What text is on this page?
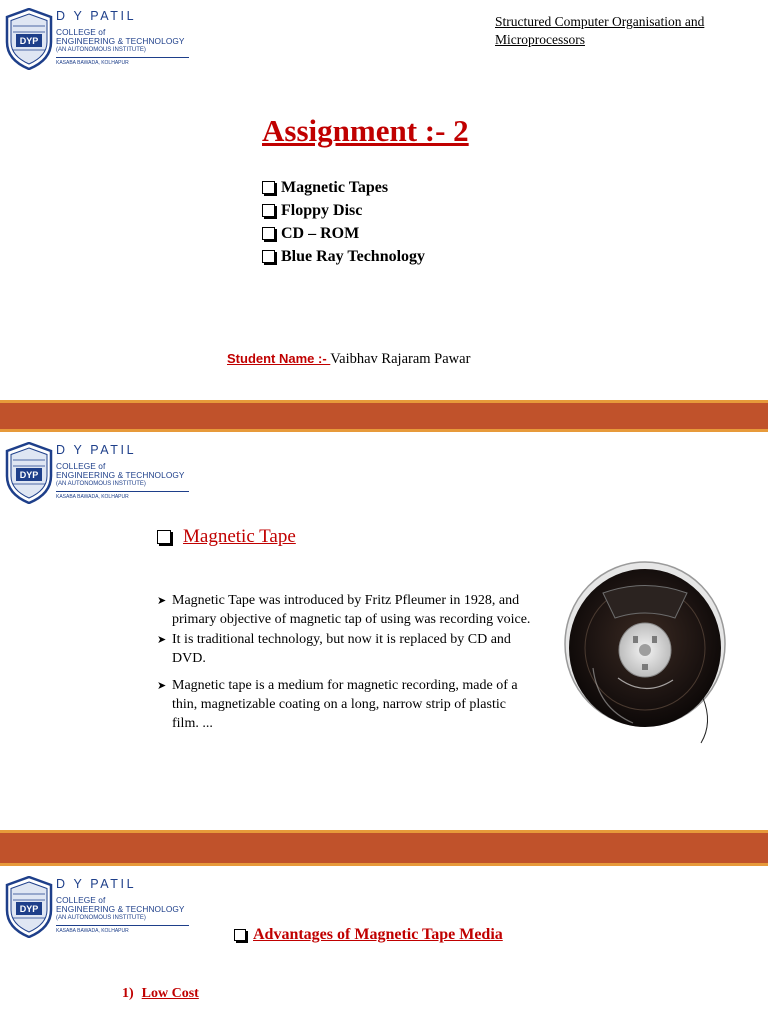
DYP
D Y PATIL
COLLEGE of
ENGINEERING & TECHNOLOGY
(AN AUTONOMOUS INSTITUTE)
KASABA BAWADA, KOLHAPUR
Structured Computer Organisation and
Microprocessors
Assignment :- 2
Magnetic Tapes
Floppy Disc
CD – ROM
Blue Ray Technology
Student Name :- Vaibhav Rajaram Pawar
DYP
D Y PATIL
COLLEGE of
ENGINEERING & TECHNOLOGY
(AN AUTONOMOUS INSTITUTE)
KASABA BAWADA, KOLHAPUR
Magnetic Tape
➤ Magnetic Tape was introduced by Fritz Pfleumer in 1928, and primary objective of magnetic tap of using was recording voice.
➤ It is traditional technology, but now it is replaced by CD and DVD.
➤ Magnetic tape is a medium for magnetic recording, made of a thin, magnetizable coating on a long, narrow strip of plastic film. ...
DYP
D Y PATIL
COLLEGE of
ENGINEERING & TECHNOLOGY
(AN AUTONOMOUS INSTITUTE)
KASABA BAWADA, KOLHAPUR	Advantages of Magnetic Tape Media
1) Low Cost
